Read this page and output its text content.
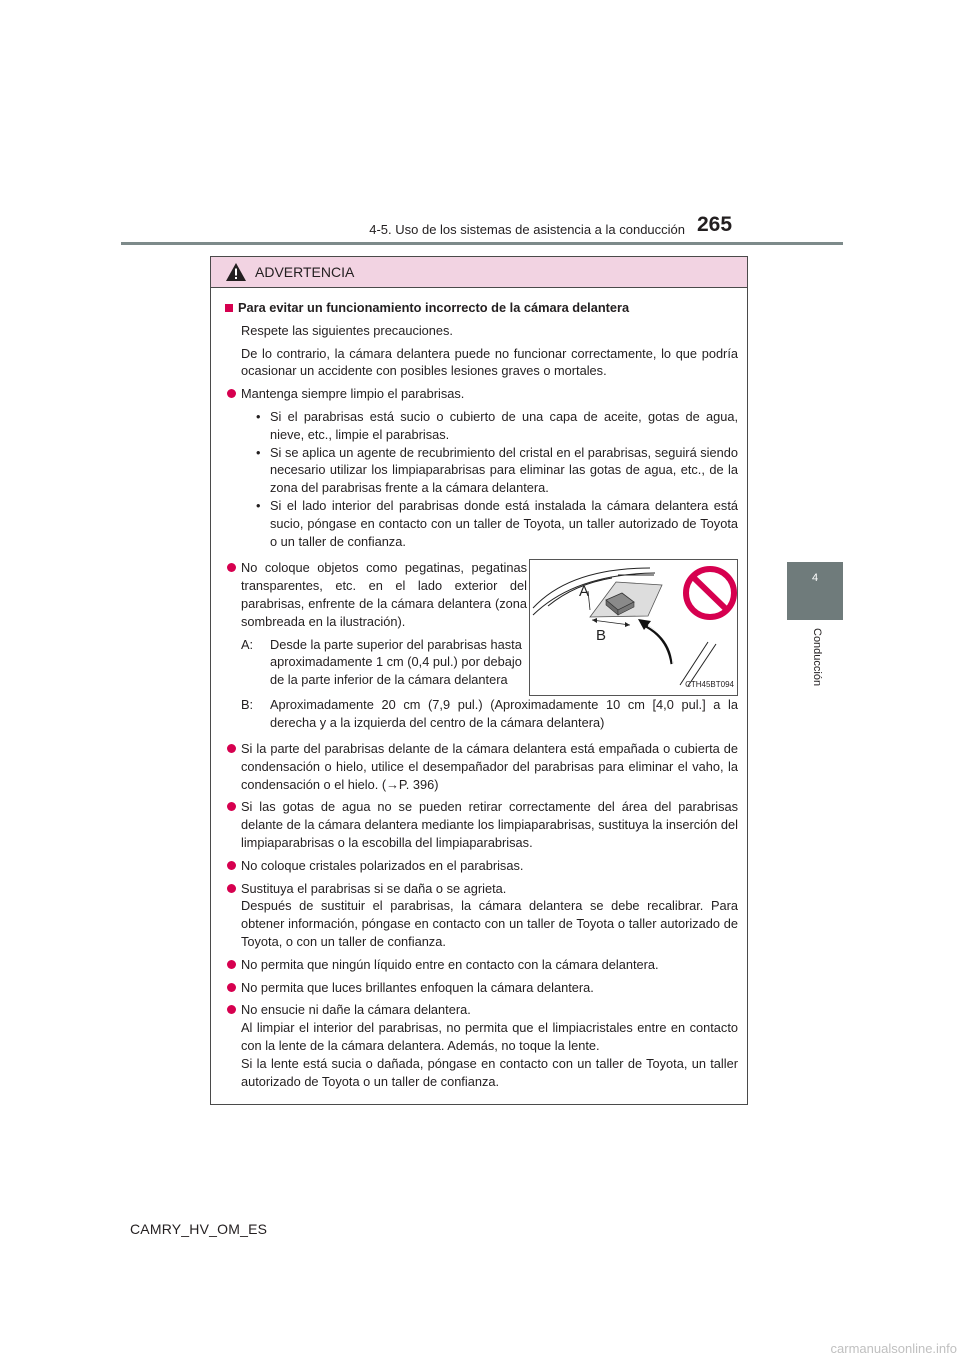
4-5. Uso de los sistemas de asistencia a la conducción 265
4
Conducción
ADVERTENCIA

Para evitar un funcionamiento incorrecto de la cámara delantera

Respete las siguientes precauciones.

De lo contrario, la cámara delantera puede no funcionar correctamente, lo que podría ocasionar un accidente con posibles lesiones graves o mortales.

Mantenga siempre limpio el parabrisas.

• Si el parabrisas está sucio o cubierto de una capa de aceite, gotas de agua, nieve, etc., limpie el parabrisas.

• Si se aplica un agente de recubrimiento del cristal en el parabrisas, seguirá siendo necesario utilizar los limpiaparabrisas para eliminar las gotas de agua, etc., de la zona del parabrisas frente a la cámara delantera.

• Si el lado interior del parabrisas donde está instalada la cámara delantera está sucio, póngase en contacto con un taller de Toyota, un taller autorizado de Toyota o un taller de confianza.

No coloque objetos como pegatinas, pegatinas transparentes, etc. en el lado exterior del parabrisas, enfrente de la cámara delantera (zona sombreada en la ilustración).

A: Desde la parte superior del parabrisas hasta aproximadamente 1 cm (0,4 pul.) por debajo de la parte inferior de la cámara delantera

A
B
CTH45BT094

B: Aproximadamente 20 cm (7,9 pul.) (Aproximadamente 10 cm [4,0 pul.] a la derecha y a la izquierda del centro de la cámara delantera)

Si la parte del parabrisas delante de la cámara delantera está empañada o cubierta de condensación o hielo, utilice el desempañador del parabrisas para eliminar el vaho, la condensación o el hielo. (→P. 396)

Si las gotas de agua no se pueden retirar correctamente del área del parabrisas delante de la cámara delantera mediante los limpiaparabrisas, sustituya la inserción del limpiaparabrisas o la escobilla del limpiaparabrisas.

No coloque cristales polarizados en el parabrisas.

Sustituya el parabrisas si se daña o se agrieta.
Después de sustituir el parabrisas, la cámara delantera se debe recalibrar. Para obtener información, póngase en contacto con un taller de Toyota o taller autorizado de Toyota, o con un taller de confianza.

No permita que ningún líquido entre en contacto con la cámara delantera.

No permita que luces brillantes enfoquen la cámara delantera.

No ensucie ni dañe la cámara delantera.
Al limpiar el interior del parabrisas, no permita que el limpiacristales entre en contacto con la lente de la cámara delantera. Además, no toque la lente.
Si la lente está sucia o dañada, póngase en contacto con un taller de Toyota, un taller autorizado de Toyota o un taller de confianza.

CAMRY_HV_OM_ES
carmanualsonline.info
